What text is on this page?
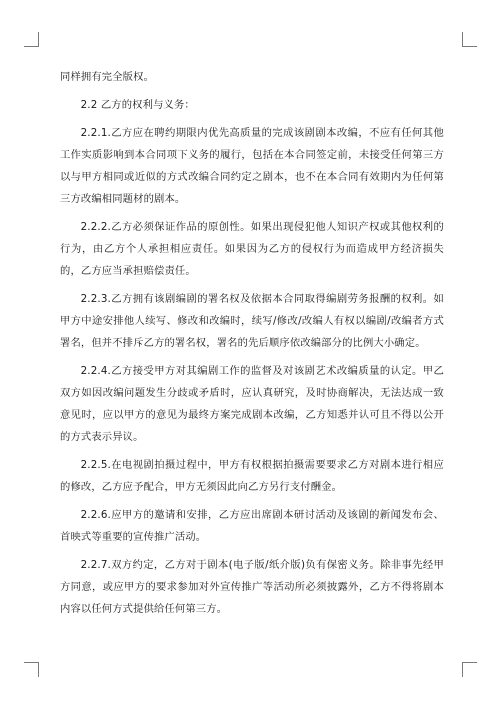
同样拥有完全版权。

2.2 乙方的权利与义务：

2.2.1.乙方应在聘约期限内优先高质量的完成该剧剧本改编，不应有任何其他工作实质影响到本合同项下义务的履行，包括在本合同签定前，未接受任何第三方以与甲方相同或近似的方式改编合同约定之剧本，也不在本合同有效期内为任何第三方改编相同题材的剧本。

2.2.2.乙方必须保证作品的原创性。如果出现侵犯他人知识产权或其他权利的行为，由乙方个人承担相应责任。如果因为乙方的侵权行为而造成甲方经济损失的，乙方应当承担赔偿责任。

2.2.3.乙方拥有该剧编剧的署名权及依据本合同取得编剧劳务报酬的权利。如甲方中途安排他人续写、修改和改编时，续写/修改/改编人有权以编剧/改编者方式署名，但并不排斥乙方的署名权，署名的先后顺序依改编部分的比例大小确定。

2.2.4.乙方接受甲方对其编剧工作的监督及对该剧艺术改编质量的认定。甲乙双方如因改编问题发生分歧或矛盾时，应认真研究，及时协商解决，无法达成一致意见时，应以甲方的意见为最终方案完成剧本改编，乙方知悉并认可且不得以公开的方式表示异议。

2.2.5.在电视剧拍摄过程中，甲方有权根据拍摄需要要求乙方对剧本进行相应的修改，乙方应予配合，甲方无须因此向乙方另行支付酬金。

2.2.6.应甲方的邀请和安排，乙方应出席剧本研讨活动及该剧的新闻发布会、首映式等重要的宣传推广活动。

2.2.7.双方约定，乙方对于剧本(电子版/纸介版)负有保密义务。除非事先经甲方同意，或应甲方的要求参加对外宣传推广等活动所必须披露外，乙方不得将剧本内容以任何方式提供给任何第三方。
